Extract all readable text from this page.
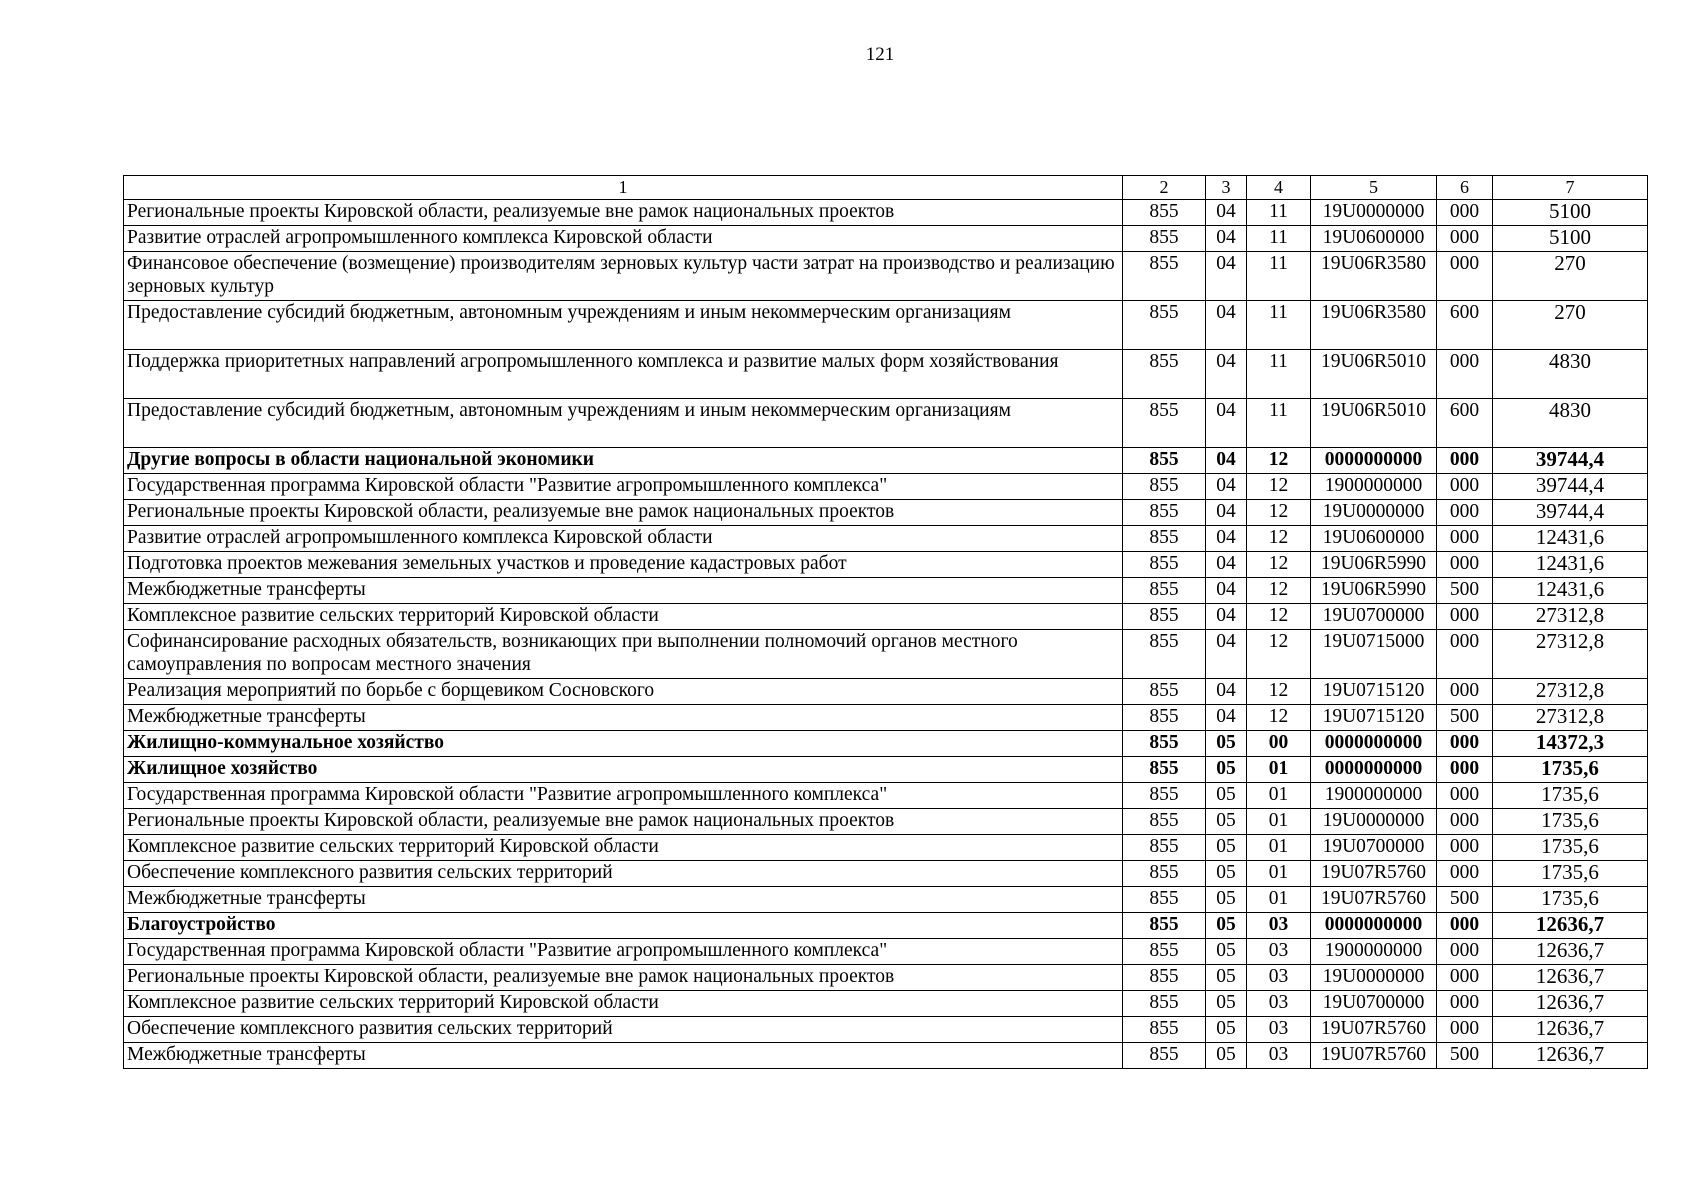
121
1	2	3	4	5	6	7
Региональные проекты Кировской области, реализуемые вне рамок национальных проектов	855	04	11	19U0000000	000	5100
Развитие отраслей агропромышленного комплекса Кировской области	855	04	11	19U0600000	000	5100
Финансовое обеспечение (возмещение) производителям зерновых культур части затрат на производство и реализацию зерновых культур	855	04	11	19U06R3580	000	270
Предоставление субсидий бюджетным, автономным учреждениям и иным некоммерческим организациям	855	04	11	19U06R3580	600	270
Поддержка приоритетных направлений агропромышленного комплекса и развитие малых форм хозяйствования	855	04	11	19U06R5010	000	4830
Предоставление субсидий бюджетным, автономным учреждениям и иным некоммерческим организациям	855	04	11	19U06R5010	600	4830
Другие вопросы в области национальной экономики	855	04	12	0000000000	000	39744,4
Государственная программа Кировской области "Развитие агропромышленного комплекса"	855	04	12	1900000000	000	39744,4
Региональные проекты Кировской области, реализуемые вне рамок национальных проектов	855	04	12	19U0000000	000	39744,4
Развитие отраслей агропромышленного комплекса Кировской области	855	04	12	19U0600000	000	12431,6
Подготовка проектов межевания земельных участков и проведение кадастровых работ	855	04	12	19U06R5990	000	12431,6
Межбюджетные трансферты	855	04	12	19U06R5990	500	12431,6
Комплексное развитие сельских территорий Кировской области	855	04	12	19U0700000	000	27312,8
Софинансирование расходных обязательств, возникающих при выполнении полномочий органов местного самоуправления по вопросам местного значения	855	04	12	19U0715000	000	27312,8
Реализация мероприятий по борьбе с борщевиком Сосновского	855	04	12	19U0715120	000	27312,8
Межбюджетные трансферты	855	04	12	19U0715120	500	27312,8
Жилищно-коммунальное хозяйство	855	05	00	0000000000	000	14372,3
Жилищное хозяйство	855	05	01	0000000000	000	1735,6
Государственная программа Кировской области "Развитие агропромышленного комплекса"	855	05	01	1900000000	000	1735,6
Региональные проекты Кировской области, реализуемые вне рамок национальных проектов	855	05	01	19U0000000	000	1735,6
Комплексное развитие сельских территорий Кировской области	855	05	01	19U0700000	000	1735,6
Обеспечение комплексного развития сельских территорий	855	05	01	19U07R5760	000	1735,6
Межбюджетные трансферты	855	05	01	19U07R5760	500	1735,6
Благоустройство	855	05	03	0000000000	000	12636,7
Государственная программа Кировской области "Развитие агропромышленного комплекса"	855	05	03	1900000000	000	12636,7
Региональные проекты Кировской области, реализуемые вне рамок национальных проектов	855	05	03	19U0000000	000	12636,7
Комплексное развитие сельских территорий Кировской области	855	05	03	19U0700000	000	12636,7
Обеспечение комплексного развития сельских территорий	855	05	03	19U07R5760	000	12636,7
Межбюджетные трансферты	855	05	03	19U07R5760	500	12636,7
